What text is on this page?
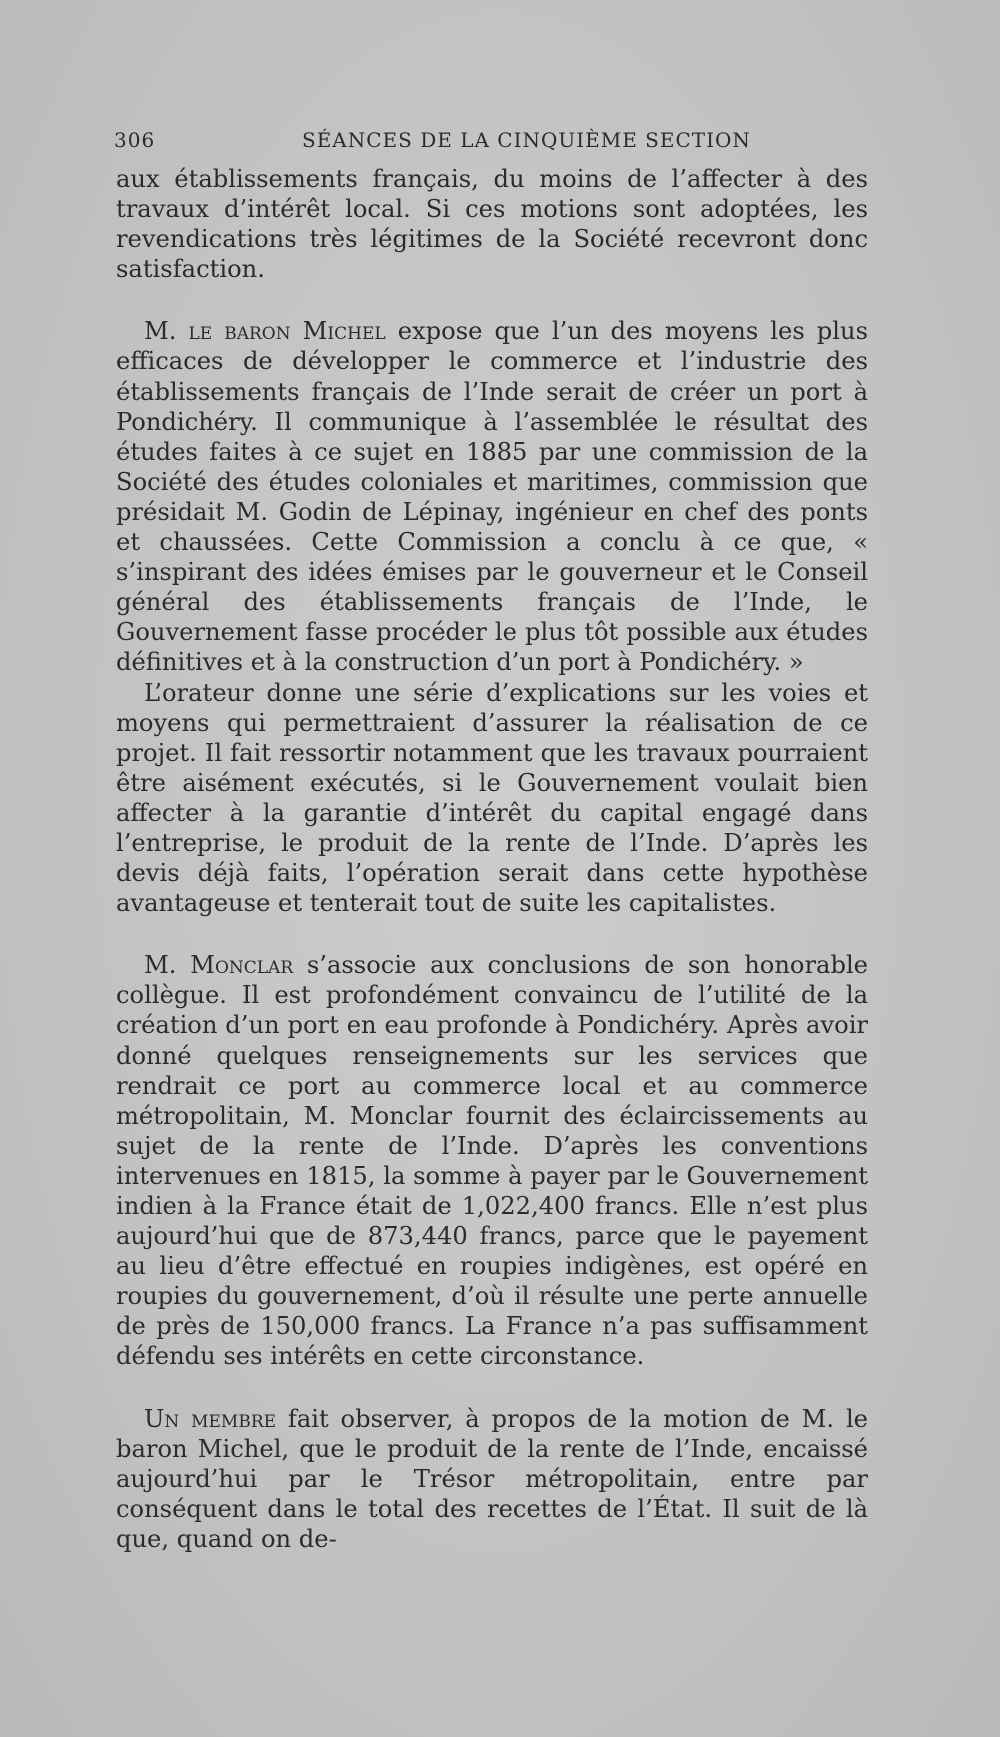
306	SÉANCES DE LA CINQUIÈME SECTION

aux établissements français, du moins de l’affecter à des travaux d’intérêt local. Si ces motions sont adoptées, les revendications très légitimes de la Société recevront donc satisfaction.

M. le baron Michel expose que l’un des moyens les plus efficaces de développer le commerce et l’industrie des établissements français de l’Inde serait de créer un port à Pondichéry. Il communique à l’assemblée le résultat des études faites à ce sujet en 1885 par une commission de la Société des études coloniales et maritimes, commission que présidait M. Godin de Lépinay, ingénieur en chef des ponts et chaussées. Cette Commission a conclu à ce que, « s’inspirant des idées émises par le gouverneur et le Conseil général des établissements français de l’Inde, le Gouvernement fasse procéder le plus tôt possible aux études définitives et à la construction d’un port à Pondichéry. »

L’orateur donne une série d’explications sur les voies et moyens qui permettraient d’assurer la réalisation de ce projet. Il fait ressortir notamment que les travaux pourraient être aisément exécutés, si le Gouvernement voulait bien affecter à la garantie d’intérêt du capital engagé dans l’entreprise, le produit de la rente de l’Inde. D’après les devis déjà faits, l’opération serait dans cette hypothèse avantageuse et tenterait tout de suite les capitalistes.

M. Monclar s’associe aux conclusions de son honorable collègue. Il est profondément convaincu de l’utilité de la création d’un port en eau profonde à Pondichéry. Après avoir donné quelques renseignements sur les services que rendrait ce port au commerce local et au commerce métropolitain, M. Monclar fournit des éclaircissements au sujet de la rente de l’Inde. D’après les conventions intervenues en 1815, la somme à payer par le Gouvernement indien à la France était de 1,022,400 francs. Elle n’est plus aujourd’hui que de 873,440 francs, parce que le payement au lieu d’être effectué en roupies indigènes, est opéré en roupies du gouvernement, d’où il résulte une perte annuelle de près de 150,000 francs. La France n’a pas suffisamment défendu ses intérêts en cette circonstance.

Un membre fait observer, à propos de la motion de M. le baron Michel, que le produit de la rente de l’Inde, encaissé aujourd’hui par le Trésor métropolitain, entre par conséquent dans le total des recettes de l’État. Il suit de là que, quand on de-
